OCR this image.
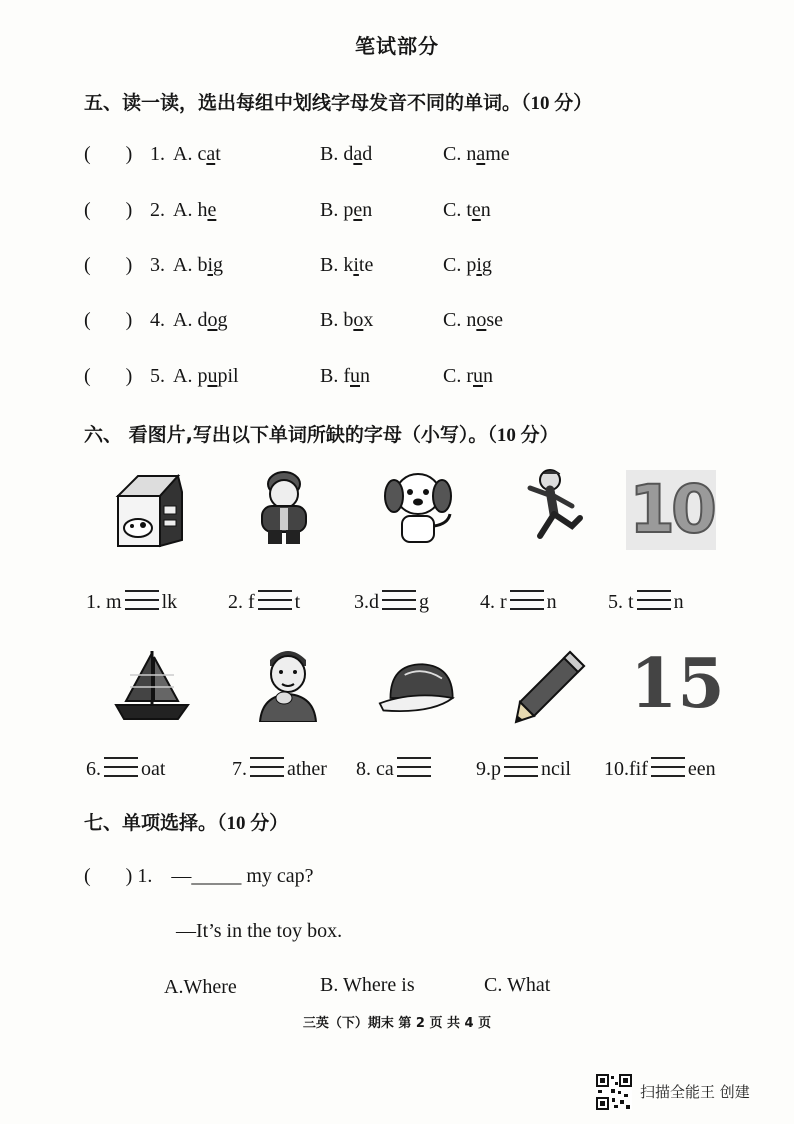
笔试部分
五、读一读，选出每组中划线字母发音不同的单词。（10 分）
(       ) 1. A. cat	B. dad	C. name
(       ) 2. A. he	B. pen	C. ten
(       ) 3. A. big	B. kite	C. pig
(       ) 4. A. dog	B. box	C. nose
(       ) 5. A. pupil	B. fun	C. run
六、 看图片,写出以下单词所缺的字母（小写）。（10 分）
10
1. m lk	2. f t	3.d g	4. r n	5. t n
15
6. oat	7. ather 8. ca	9.p ncil 10.fif een
七、单项选择。（10 分）
(       ) 1. —_____ my cap?
—It’s in the toy box.
A.Where	B. Where is	C. What
三英（下）期末 第 2 页 共 4 页
扫描全能王 创建
